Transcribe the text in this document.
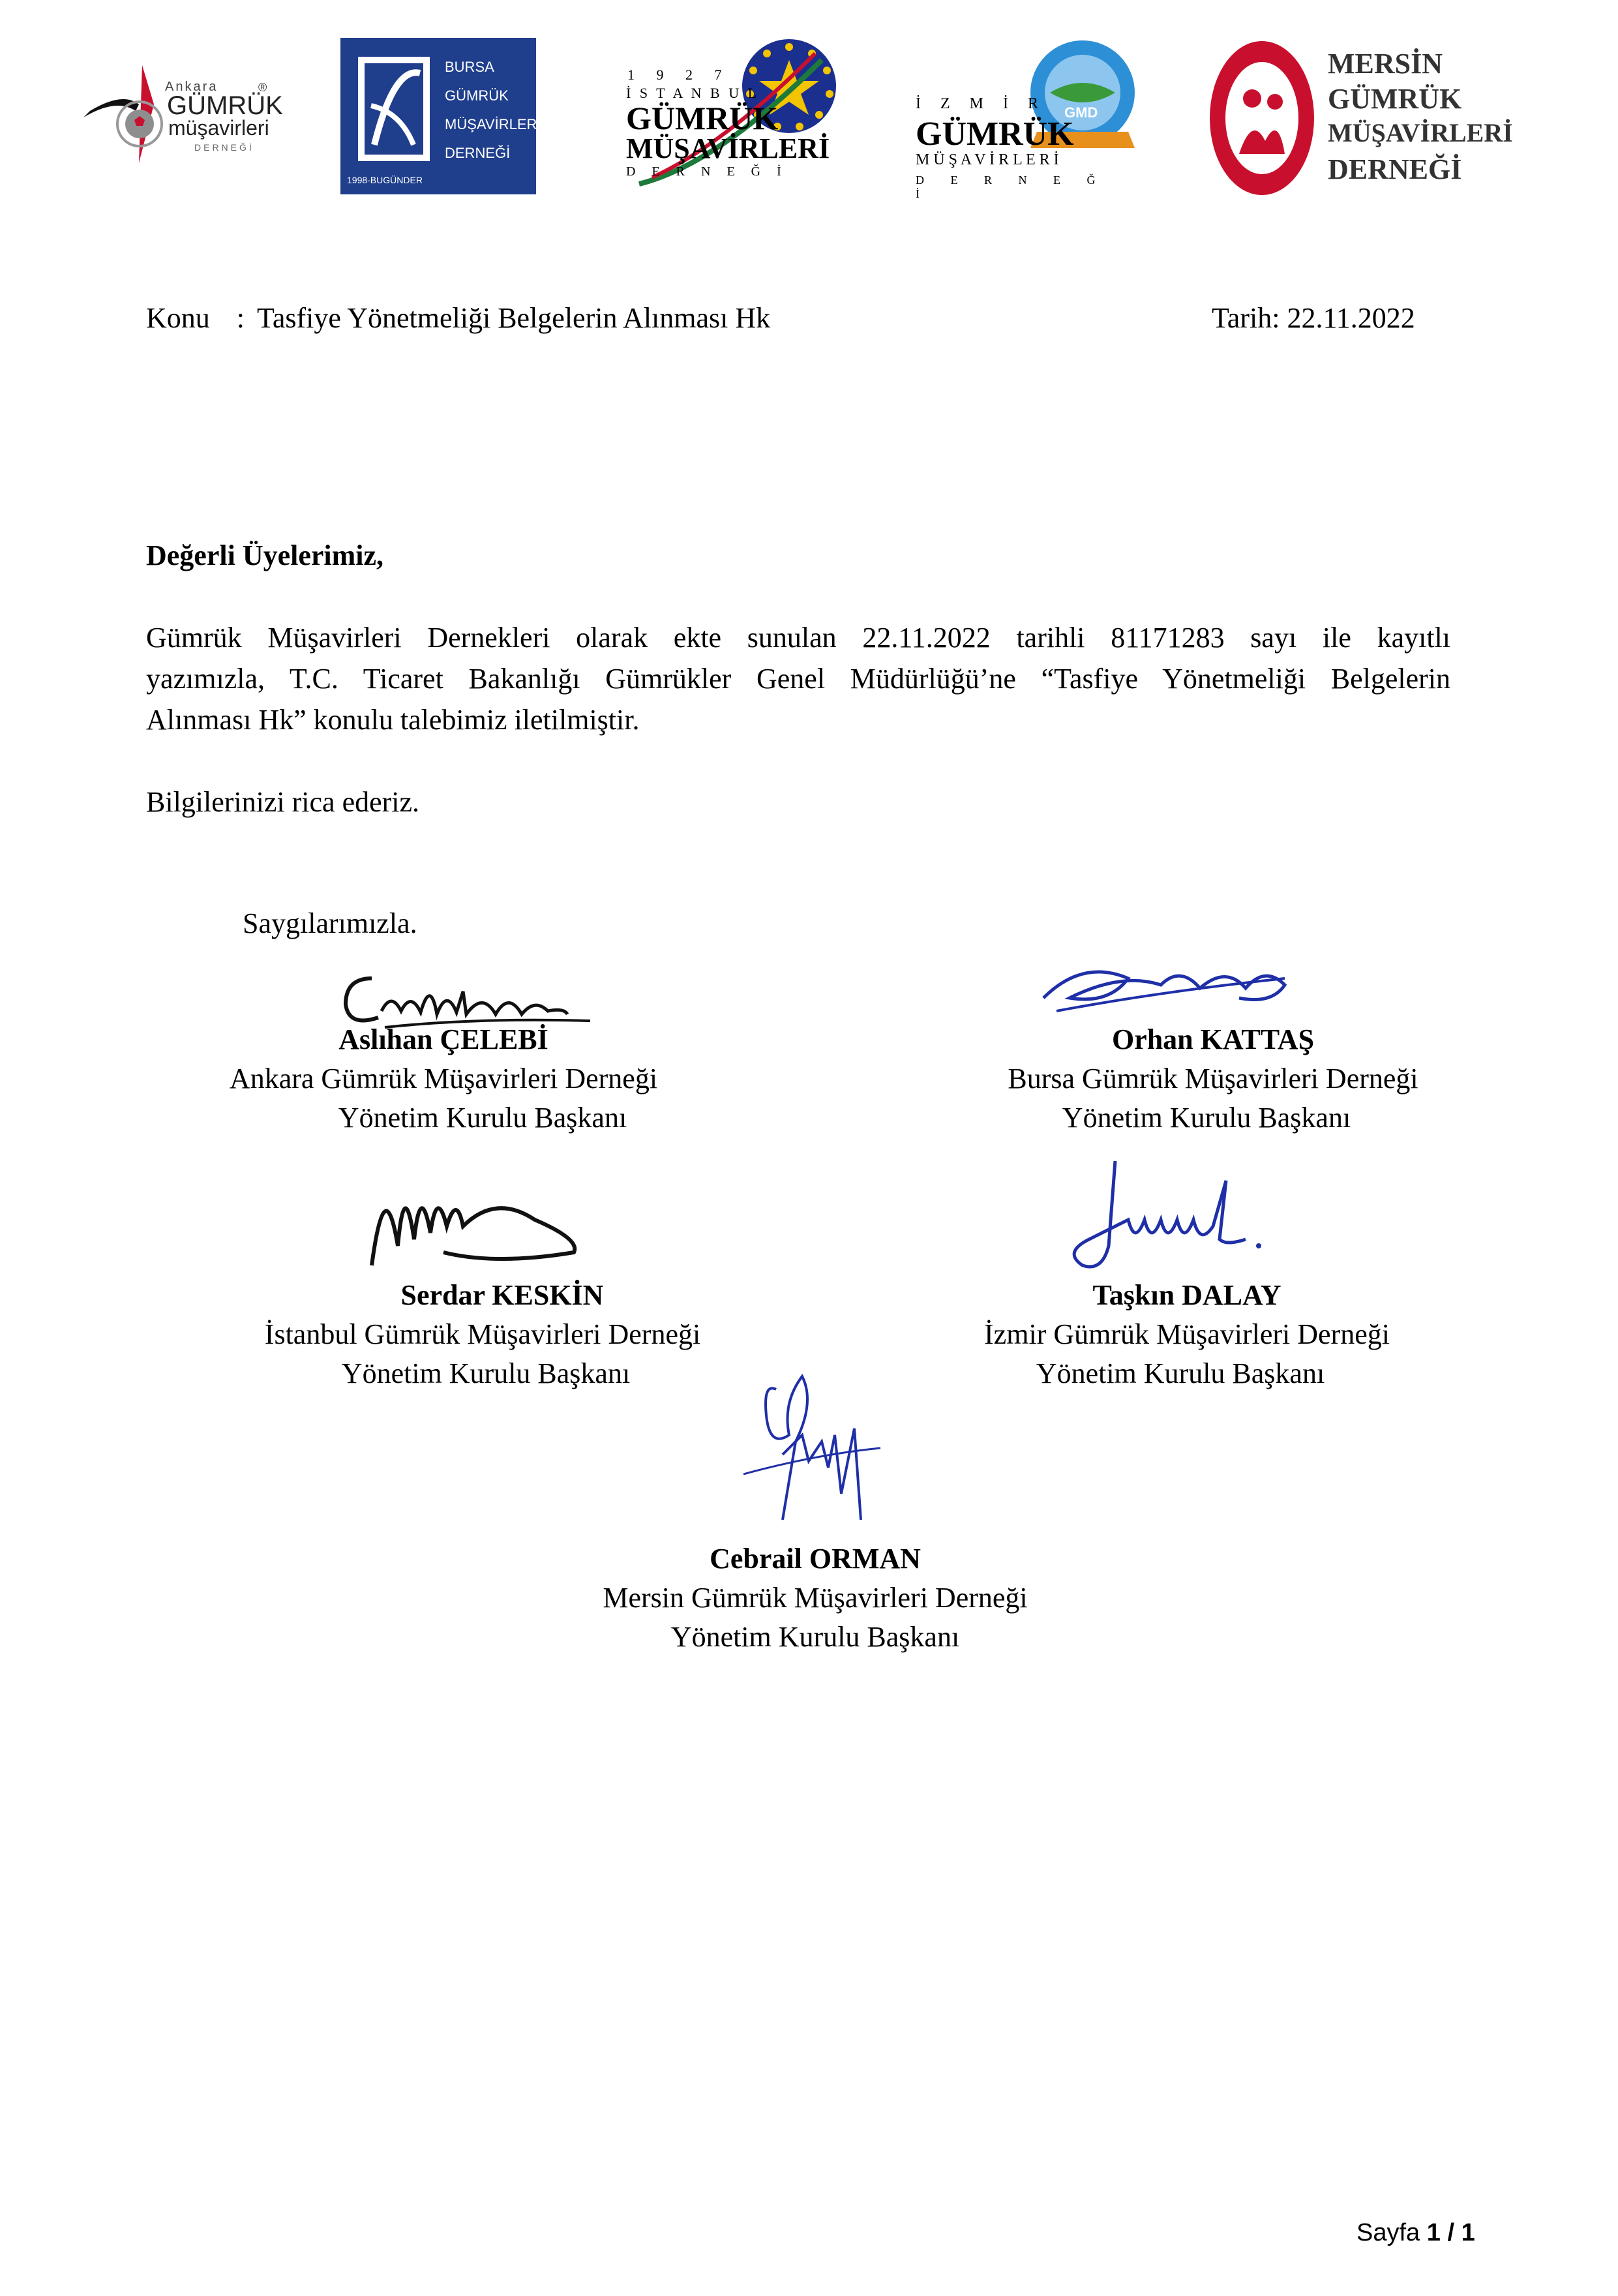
Ankara
GÜMRÜK
müşavirleri
DERNEĞİ
®
BURSA
GÜMRÜK
MÜŞAVİRLERİ
DERNEĞİ
1998-BUGÜNDER
1 9 2 7
İ S T A N B U L
GÜMRÜK
MÜŞAVİRLERİ
D E R N E Ğ İ
GMD
İ Z M İ R
GÜMRÜK
M Ü Ş A V İ R L E R İ
D E R N E Ğ İ
MERSİN
GÜMRÜK
MÜŞAVİRLERİ
DERNEĞİ
Konu : Tasfiye Yönetmeliği Belgelerin Alınması Hk	Tarih: 22.11.2022
Değerli Üyelerimiz,
Gümrük Müşavirleri Dernekleri olarak ekte sunulan 22.11.2022 tarihli 81171283 sayı ile kayıtlı
yazımızla, T.C. Ticaret Bakanlığı Gümrükler Genel Müdürlüğü’ne “Tasfiye Yönetmeliği Belgelerin
Alınması Hk” konulu talebimiz iletilmiştir.
Bilgilerinizi rica ederiz.
Saygılarımızla.
Aslıhan ÇELEBİ
Ankara Gümrük Müşavirleri Derneği
Yönetim Kurulu Başkanı
Orhan KATTAŞ
Bursa Gümrük Müşavirleri Derneği
Yönetim Kurulu Başkanı
Serdar KESKİN
İstanbul Gümrük Müşavirleri Derneği
Yönetim Kurulu Başkanı
Taşkın DALAY
İzmir Gümrük Müşavirleri Derneği
Yönetim Kurulu Başkanı
Cebrail ORMAN
Mersin Gümrük Müşavirleri Derneği
Yönetim Kurulu Başkanı
Sayfa 1 / 1
